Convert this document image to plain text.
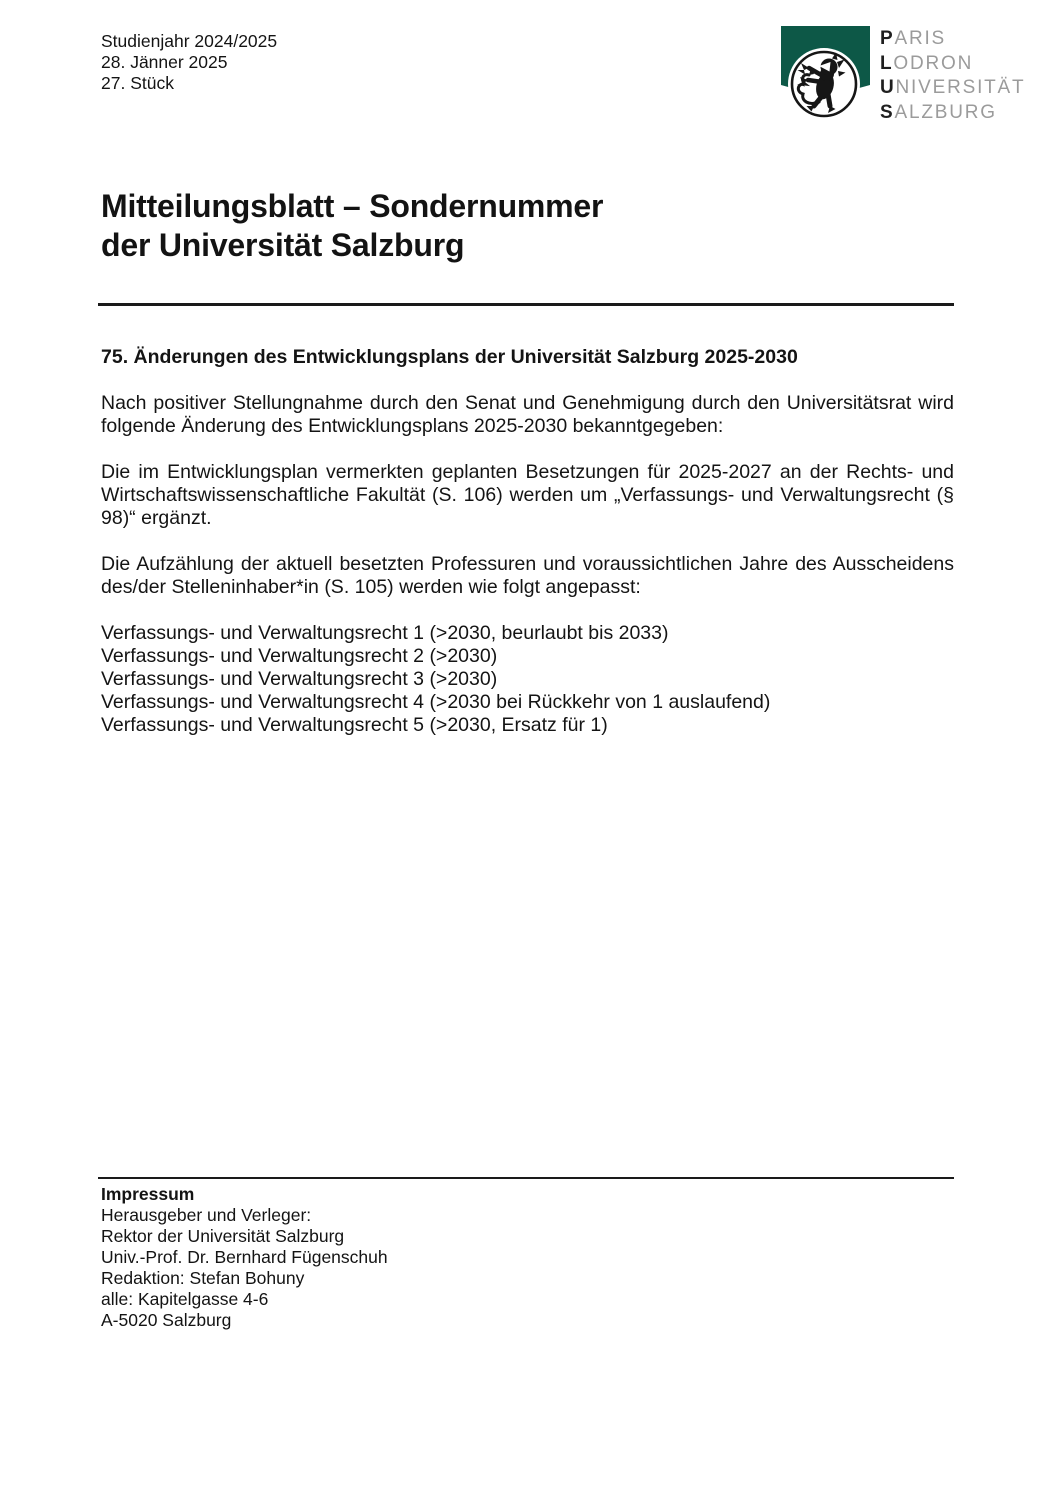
Studienjahr 2024/2025
28. Jänner 2025
27. Stück
PARIS
LODRON
UNIVERSITÄT
SALZBURG
Mitteilungsblatt – Sondernummer
der Universität Salzburg
75. Änderungen des Entwicklungsplans der Universität Salzburg 2025-2030

Nach positiver Stellungnahme durch den Senat und Genehmigung durch den Universitätsrat wird folgende Änderung des Entwicklungsplans 2025-2030 bekanntgegeben:

Die im Entwicklungsplan vermerkten geplanten Besetzungen für 2025-2027 an der Rechts- und Wirtschaftswissenschaftliche Fakultät (S. 106) werden um „Verfassungs- und Verwaltungsrecht (§ 98)“ ergänzt.

Die Aufzählung der aktuell besetzten Professuren und voraussichtlichen Jahre des Ausscheidens des/der Stelleninhaber*in (S. 105) werden wie folgt angepasst:

Verfassungs- und Verwaltungsrecht 1 (>2030, beurlaubt bis 2033)
Verfassungs- und Verwaltungsrecht 2 (>2030)
Verfassungs- und Verwaltungsrecht 3 (>2030)
Verfassungs- und Verwaltungsrecht 4 (>2030 bei Rückkehr von 1 auslaufend)
Verfassungs- und Verwaltungsrecht 5 (>2030, Ersatz für 1)
Impressum
Herausgeber und Verleger:
Rektor der Universität Salzburg
Univ.-Prof. Dr. Bernhard Fügenschuh
Redaktion: Stefan Bohuny
alle: Kapitelgasse 4-6
A-5020 Salzburg
